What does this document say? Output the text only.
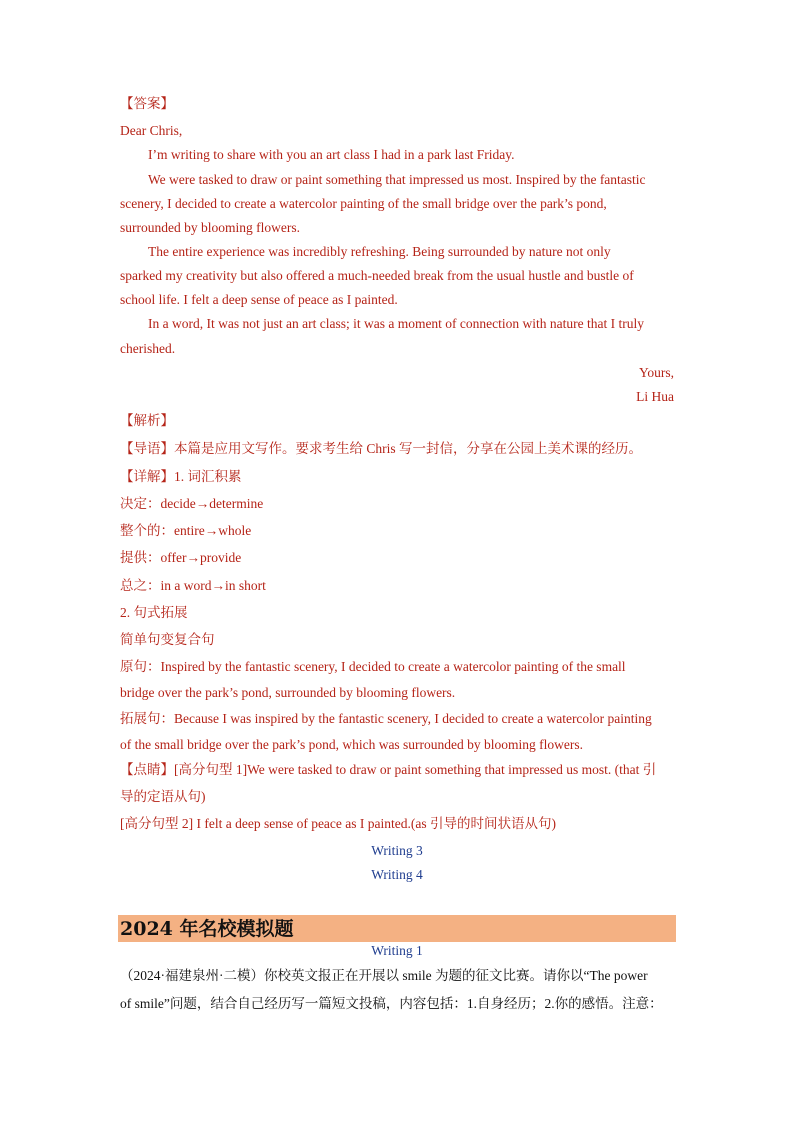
【答案】
Dear Chris,
I’m writing to share with you an art class I had in a park last Friday.
We were tasked to draw or paint something that impressed us most. Inspired by the fantastic
scenery, I decided to create a watercolor painting of the small bridge over the park’s pond,
surrounded by blooming flowers.
The entire experience was incredibly refreshing. Being surrounded by nature not only
sparked my creativity but also offered a much-needed break from the usual hustle and bustle of
school life. I felt a deep sense of peace as I painted.
In a word, It was not just an art class; it was a moment of connection with nature that I truly
cherished.
Yours,
Li Hua
【解析】
【导语】本篇是应用文写作。要求考生给 Chris 写一封信，分享在公园上美术课的经历。
【详解】1. 词汇积累
决定：decide→determine
整个的：entire→whole
提供：offer→provide
总之：in a word→in short
2. 句式拓展
简单句变复合句
原句：Inspired by the fantastic scenery, I decided to create a watercolor painting of the small
bridge over the park’s pond, surrounded by blooming flowers.
拓展句：Because I was inspired by the fantastic scenery, I decided to create a watercolor painting
of the small bridge over the park’s pond, which was surrounded by blooming flowers.
【点睛】[高分句型 1]We were tasked to draw or paint something that impressed us most. (that 引
导的定语从句)
[高分句型 2] I felt a deep sense of peace as I painted.(as 引导的时间状语从句)
Writing 3
Writing 4
2024 年名校模拟题
Writing 1
（2024·福建泉州·二模）你校英文报正在开展以 smile 为题的征文比赛。请你以“The power
of smile”问题，结合自己经历写一篇短文投稿，内容包括：1.自身经历；2.你的感悟。注意：
